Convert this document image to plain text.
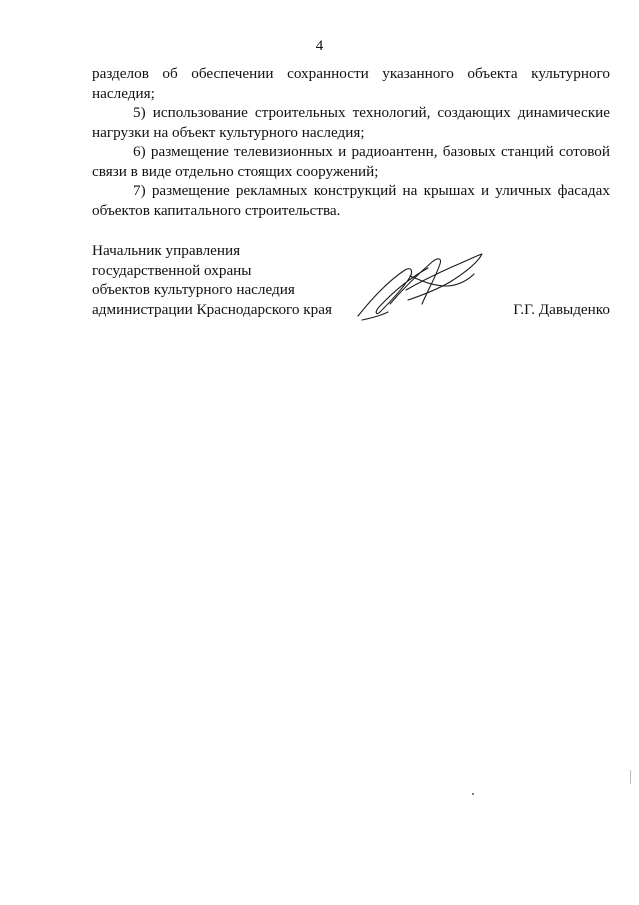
4

разделов об обеспечении сохранности указанного объекта культурного наследия;

5) использование строительных технологий, создающих динамические нагрузки на объект культурного наследия;

6) размещение телевизионных и радиоантенн, базовых станций сотовой связи в виде отдельно стоящих сооружений;

7) размещение рекламных конструкций на крышах и уличных фасадах объектов капитального строительства.

Начальник управления
государственной охраны
объектов культурного наследия
администрации Краснодарского края	Г.Г. Давыденко
